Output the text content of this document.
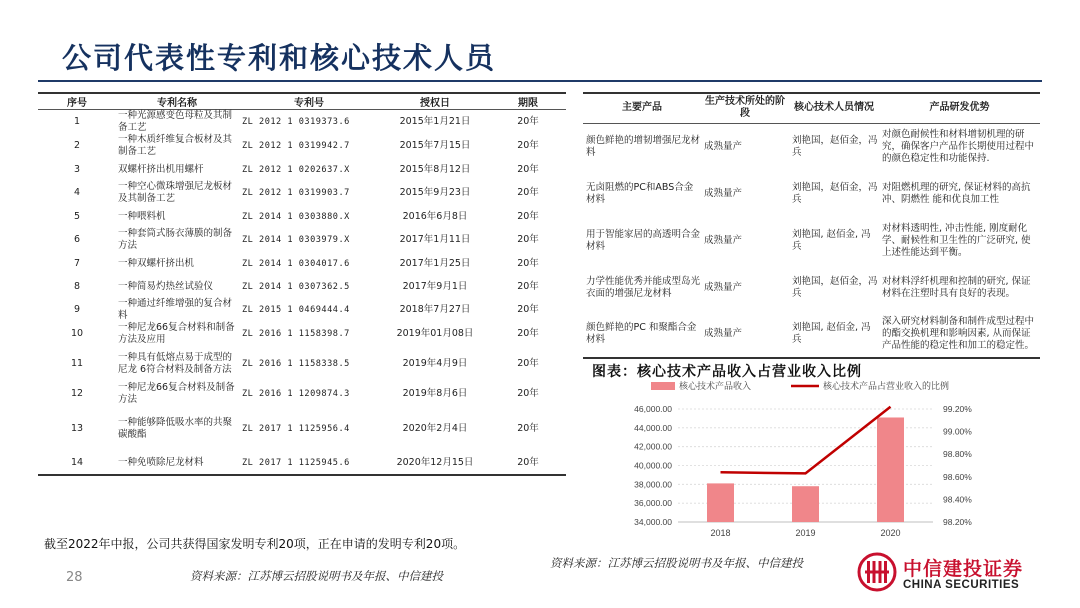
公司代表性专利和核心技术人员
序号	专利名称	专利号	授权日	期限
1	一种光源感变色母粒及其制备工艺	ZL 2012 1 0319373.6	2015年1月21日	20年
2	一种木质纤维复合板材及其制备工艺	ZL 2012 1 0319942.7	2015年7月15日	20年
3	双螺杆挤出机用螺杆	ZL 2012 1 0202637.X	2015年8月12日	20年
4	一种空心微珠增强尼龙板材及其制备工艺	ZL 2012 1 0319903.7	2015年9月23日	20年
5	一种喂料机	ZL 2014 1 0303880.X	2016年6月8日	20年
6	一种套筒式肠衣薄膜的制备方法	ZL 2014 1 0303979.X	2017年1月11日	20年
7	一种双螺杆挤出机	ZL 2014 1 0304017.6	2017年1月25日	20年
8	一种简易灼热丝试验仪	ZL 2014 1 0307362.5	2017年9月1日	20年
9	一种通过纤维增强的复合材料	ZL 2015 1 0469444.4	2018年7月27日	20年
10	一种尼龙66复合材料和制备方法及应用	ZL 2016 1 1158398.7	2019年01月08日	20年
11	一种具有低熔点易于成型的尼龙 6符合材料及制备方法	ZL 2016 1 1158338.5	2019年4月9日	20年
12	一种尼龙66复合材料及制备方法	ZL 2016 1 1209874.3	2019年8月6日	20年
13	一种能够降低吸水率的共聚碳酸酯	ZL 2017 1 1125956.4	2020年2月4日	20年
14	一种免喷除尼龙材料	ZL 2017 1 1125945.6	2020年12月15日	20年
主要产品	生产技术所处的阶段	核心技术人员情况	产品研发优势
颜色鲜艳的增韧增强尼龙材料	成熟量产	刘艳国，赵佰金，冯兵	对颜色耐候性和材料增韧机理的研究，确保客户产品作长期使用过程中的颜色稳定性和功能保持.
无卤阻燃的PC和ABS合金材料	成熟量产	刘艳国，赵佰金，冯兵	对阻燃机理的研究, 保证材料的高抗冲、阴燃性 能和优良加工性
用于智能家居的高透明合金材料	成熟量产	刘艳国, 赵佰金, 冯兵	对材料透明性, 冲击性能, 刚度耐化学、耐候性和卫生性的广泛研究, 使上述性能达到平衡。
力学性能优秀并能成型岛光衣面的增强尼龙材料	成熟量产	刘艳国，赵佰金，冯兵	对材料浮纤机理和控制的研究, 保证材料在注塑时具有良好的表现。
颜色鲜艳的PC 和聚酯合金材料	成熟量产	刘艳国, 赵佰金, 冯兵	深入研究材料制备和制件成型过程中的酯交换机理和影响因素, 从而保证产品性能的稳定性和加工的稳定性。
图表：核心技术产品收入占营业收入比例
核心技术产品收入	核心技术产品占营业收入的比例
34,000.00
36,000.00
38,000.00
40,000.00
42,000.00
44,000.00
46,000.00
98.20%
98.40%
98.60%
98.80%
99.00%
99.20%
2018	2019	2020
截至2022年中报，公司共获得国家发明专利20项，正在申请的发明专利20项。
资料来源：江苏博云招股说明书及年报、中信建投
资料来源：江苏博云招股说明书及年报、中信建投
28	中信建投证券
CHINA SECURITIES
